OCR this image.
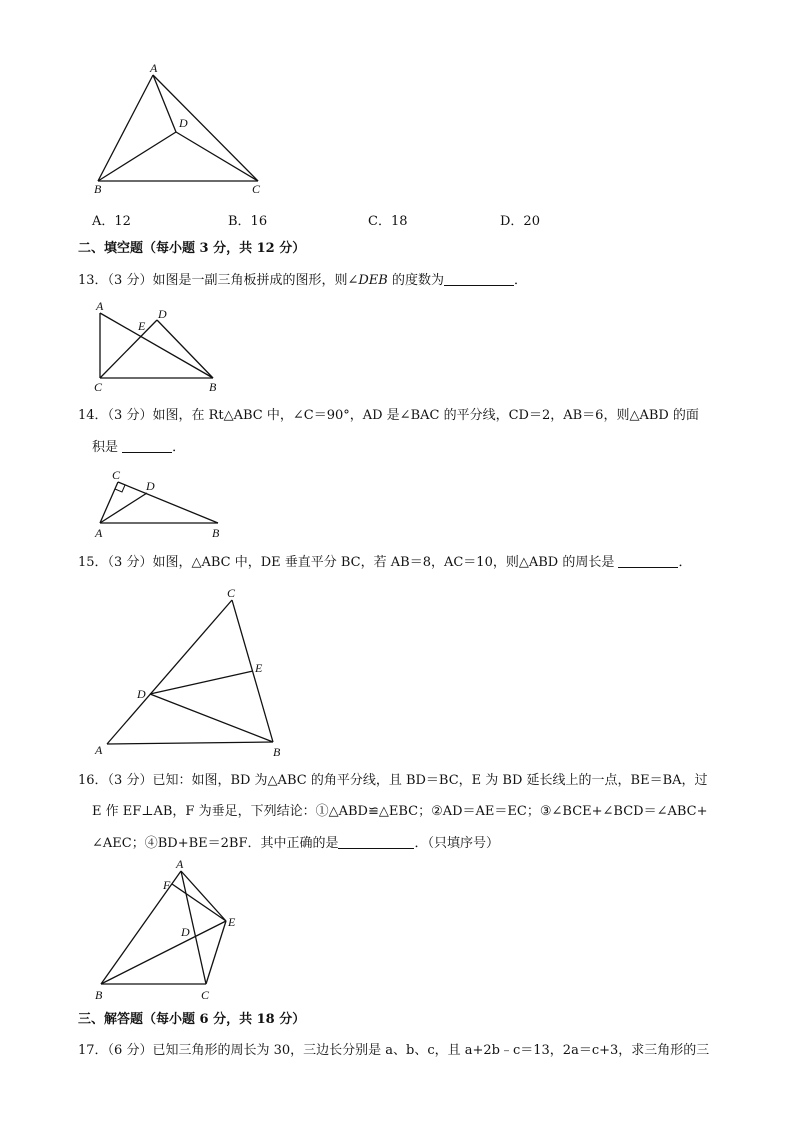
A
D
B	C
A．12	B．16	C．18	D．20
二、填空题（每小题 3 分，共 12 分）
13．（3 分）如图是一副三角板拼成的图形，则∠DEB 的度数为	．
A
E
D
C	B
14．（3 分）如图，在 Rt△ABC 中，∠C＝90°，AD 是∠BAC 的平分线，CD＝2，AB＝6，则△ABD 的面
积是	．
C
D
A	B
15．（3 分）如图，△ABC 中，DE 垂直平分 BC，若 AB＝8，AC＝10，则△ABD 的周长是	．
C
E
D
A	B
16．（3 分）已知：如图，BD 为△ABC 的角平分线，且 BD＝BC，E 为 BD 延长线上的一点，BE＝BA，过
E 作 EF⊥AB，F 为垂足，下列结论：①△ABD≌△EBC；②AD＝AE＝EC；③∠BCE+∠BCD＝∠ABC+
∠AEC；④BD+BE＝2BF．其中正确的是	．（只填序号）
A
F
E
D
B	C
三、解答题（每小题 6 分，共 18 分）
17．（6 分）已知三角形的周长为 30，三边长分别是 a、b、c，且 a+2b﹣c＝13，2a＝c+3，求三角形的三
